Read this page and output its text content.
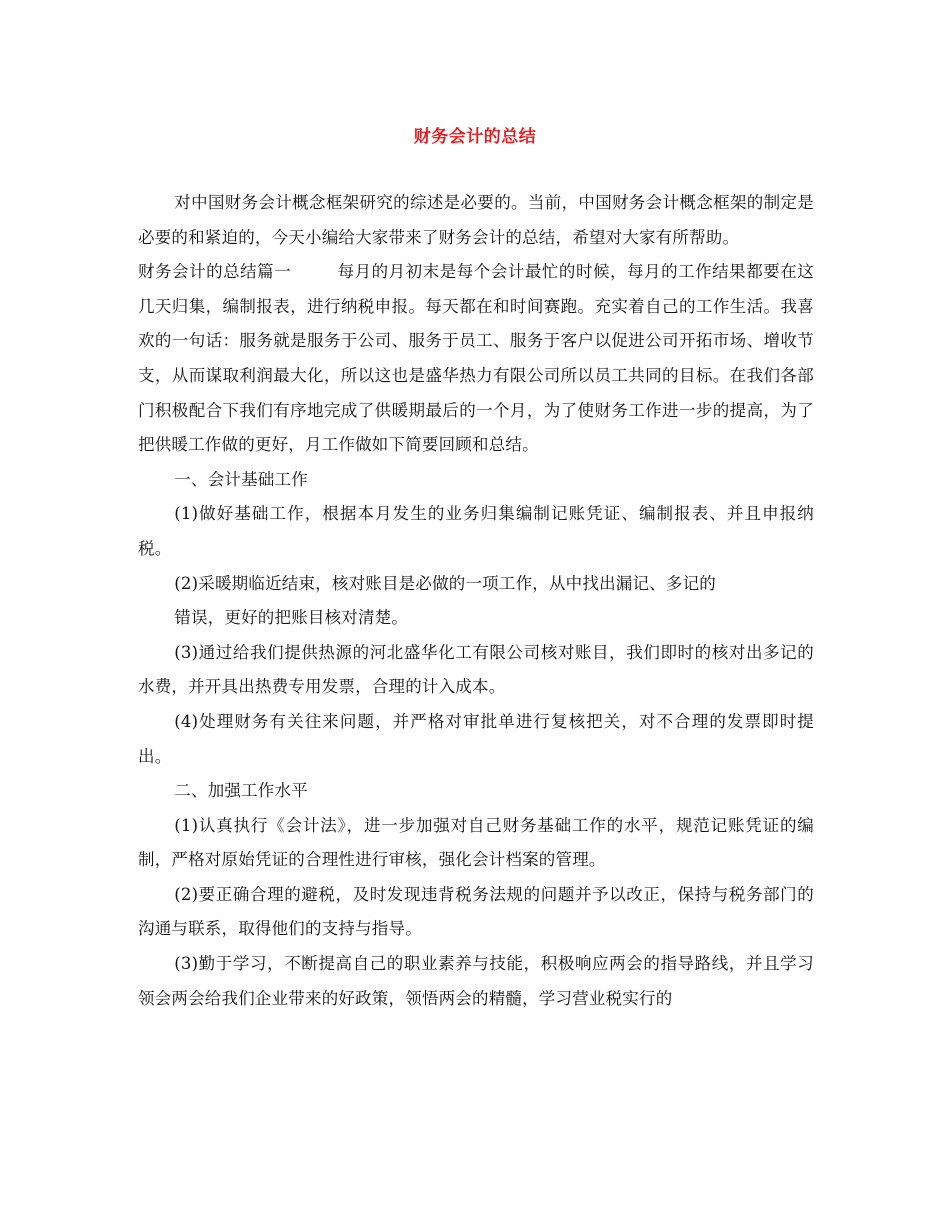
财务会计的总结

对中国财务会计概念框架研究的综述是必要的。当前，中国财务会计概念框架的制定是必要的和紧迫的，今天小编给大家带来了财务会计的总结，希望对大家有所帮助。

财务会计的总结篇一	每月的月初末是每个会计最忙的时候，每月的工作结果都要在这几天归集，编制报表，进行纳税申报。每天都在和时间赛跑。充实着自己的工作生活。我喜欢的一句话：服务就是服务于公司、服务于员工、服务于客户以促进公司开拓市场、增收节支，从而谋取利润最大化，所以这也是盛华热力有限公司所以员工共同的目标。在我们各部门积极配合下我们有序地完成了供暖期最后的一个月，为了使财务工作进一步的提高，为了把供暖工作做的更好，月工作做如下简要回顾和总结。

一、会计基础工作

(1)做好基础工作，根据本月发生的业务归集编制记账凭证、编制报表、并且申报纳税。

(2)采暖期临近结束，核对账目是必做的一项工作，从中找出漏记、多记的

错误，更好的把账目核对清楚。

(3)通过给我们提供热源的河北盛华化工有限公司核对账目，我们即时的核对出多记的水费，并开具出热费专用发票，合理的计入成本。

(4)处理财务有关往来问题，并严格对审批单进行复核把关，对不合理的发票即时提出。

二、加强工作水平

(1)认真执行《会计法》，进一步加强对自己财务基础工作的水平，规范记账凭证的编制，严格对原始凭证的合理性进行审核，强化会计档案的管理。

(2)要正确合理的避税，及时发现违背税务法规的问题并予以改正，保持与税务部门的沟通与联系，取得他们的支持与指导。

(3)勤于学习，不断提高自己的职业素养与技能，积极响应两会的指导路线，并且学习领会两会给我们企业带来的好政策，领悟两会的精髓，学习营业税实行的
